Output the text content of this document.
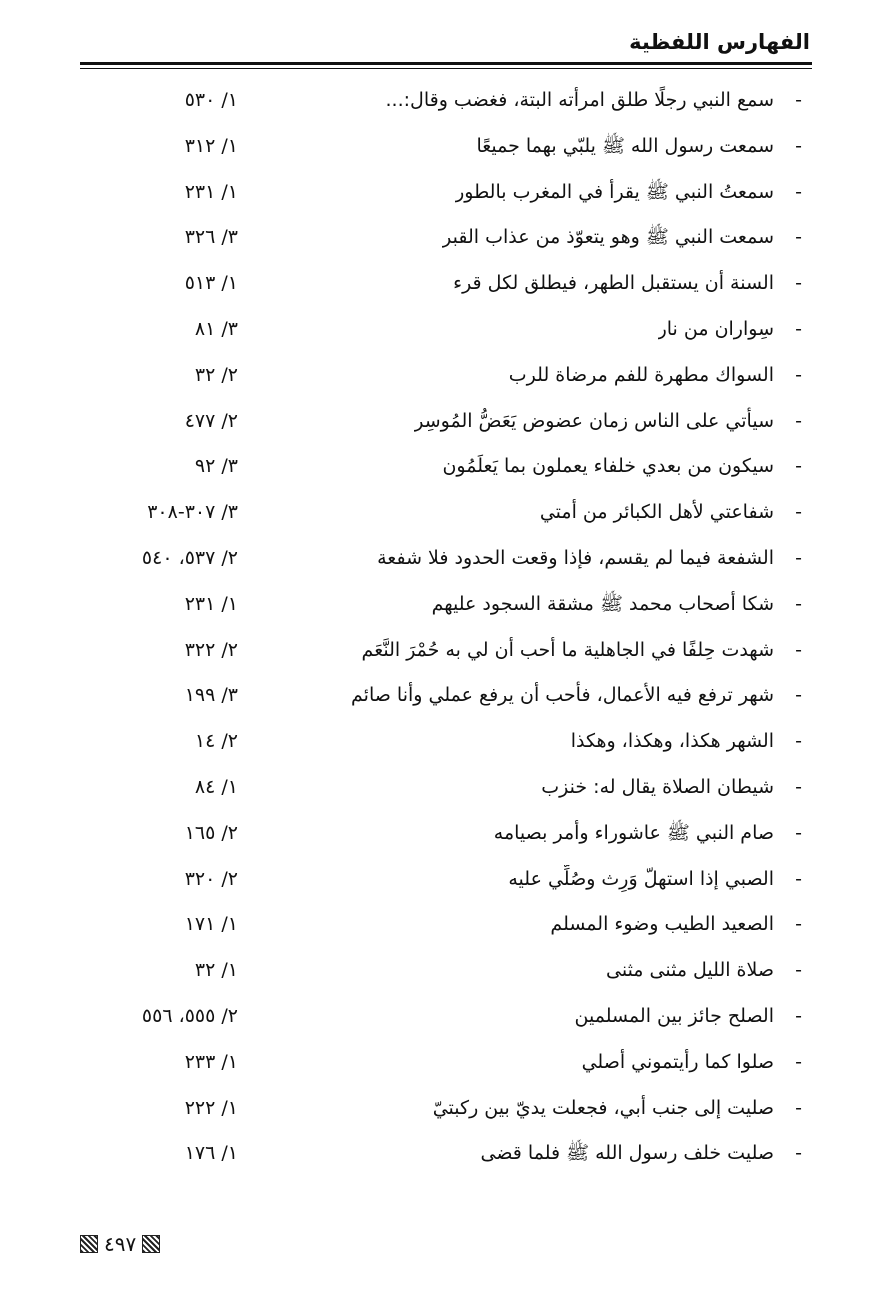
الفهارس اللفظية
-
سمع النبي رجلًا طلق امرأته البتة، فغضب وقال:...
١/ ٥٣٠
-
سمعت رسول الله ﷺ يلبّي بهما جميعًا
١/ ٣١٢
-
سمعتُ النبي ﷺ يقرأ في المغرب بالطور
١/ ٢٣١
-
سمعت النبي ﷺ وهو يتعوّذ من عذاب القبر
٣/ ٣٢٦
-
السنة أن يستقبل الطهر، فيطلق لكل قرء
١/ ٥١٣
-
سِواران من نار
٣/ ٨١
-
السواك مطهرة للفم مرضاة للرب
٢/ ٣٢
-
سيأتي على الناس زمان عضوض يَعَضُّ المُوسِر
٢/ ٤٧٧
-
سيكون من بعدي خلفاء يعملون بما يَعلَمُون
٣/ ٩٢
-
شفاعتي لأهل الكبائر من أمتي
٣/ ٣٠٧-٣٠٨
-
الشفعة فيما لم يقسم، فإذا وقعت الحدود فلا شفعة
٢/ ٥٣٧، ٥٤٠
-
شكا أصحاب محمد ﷺ مشقة السجود عليهم
١/ ٢٣١
-
شهدت حِلفًا في الجاهلية ما أحب أن لي به حُمْرَ النَّعَم
٢/ ٣٢٢
-
شهر ترفع فيه الأعمال، فأحب أن يرفع عملي وأنا صائم
٣/ ١٩٩
-
الشهر هكذا، وهكذا، وهكذا
٢/ ١٤
-
شيطان الصلاة يقال له: خنزب
١/ ٨٤
-
صام النبي ﷺ عاشوراء وأمر بصيامه
٢/ ١٦٥
-
الصبي إذا استهلّ وَرِث وصُلِّي عليه
٢/ ٣٢٠
-
الصعيد الطيب وضوء المسلم
١/ ١٧١
-
صلاة الليل مثنى مثنى
١/ ٣٢
-
الصلح جائز بين المسلمين
٢/ ٥٥٥، ٥٥٦
-
صلوا كما رأيتموني أصلي
١/ ٢٣٣
-
صليت إلى جنب أبي، فجعلت يديّ بين ركبتيّ
١/ ٢٢٢
-
صليت خلف رسول الله ﷺ فلما قضى
١/ ١٧٦
٤٩٧
